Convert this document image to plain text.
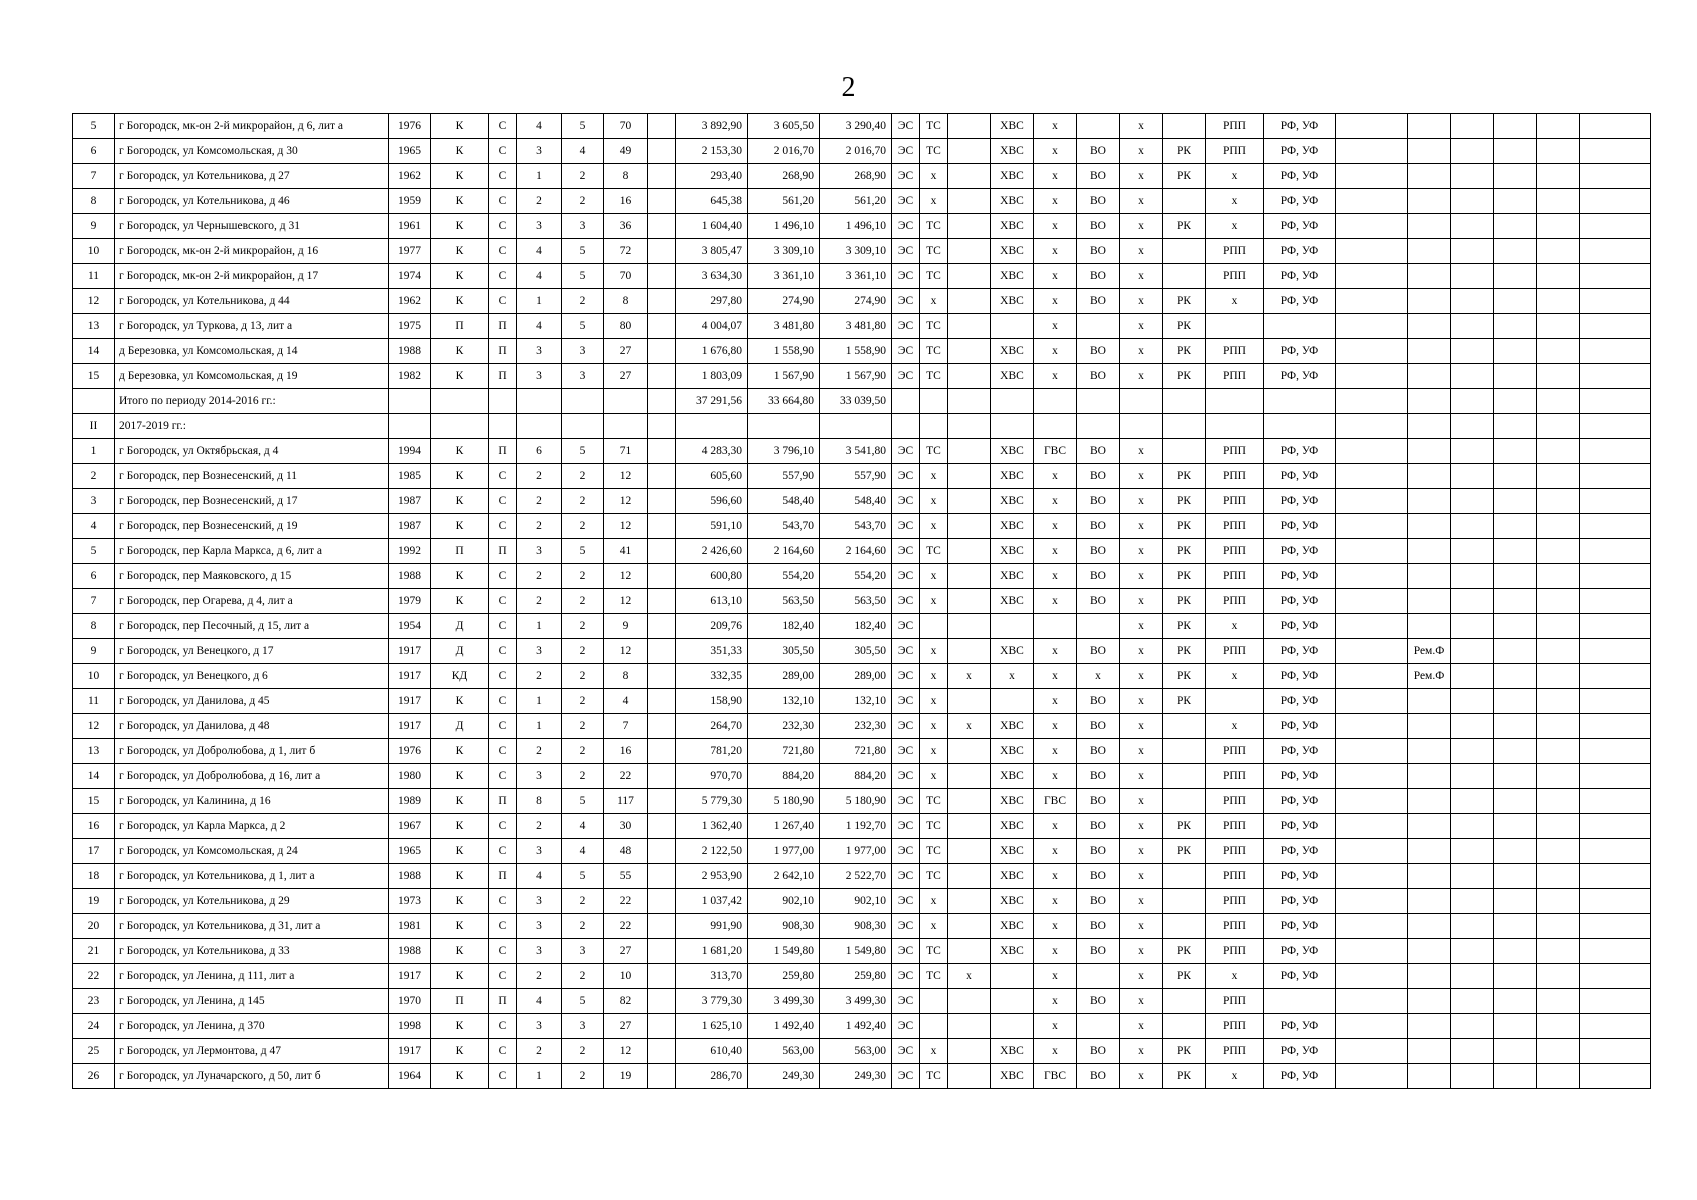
2
5	г Богородск, мк-он 2-й микрорайон, д 6, лит а	1976	К	С	4	5	70		3 892,90	3 605,50	3 290,40	ЭС	ТС		ХВС	х		х		РПП	РФ, УФ						
6	г Богородск, ул Комсомольская, д 30	1965	К	С	3	4	49		2 153,30	2 016,70	2 016,70	ЭС	ТС		ХВС	х	ВО	х	РК	РПП	РФ, УФ						
7	г Богородск, ул Котельникова, д 27	1962	К	С	1	2	8		293,40	268,90	268,90	ЭС	х		ХВС	х	ВО	х	РК	х	РФ, УФ						
8	г Богородск, ул Котельникова, д 46	1959	К	С	2	2	16		645,38	561,20	561,20	ЭС	х		ХВС	х	ВО	х		х	РФ, УФ						
9	г Богородск, ул Чернышевского, д 31	1961	К	С	3	3	36		1 604,40	1 496,10	1 496,10	ЭС	ТС		ХВС	х	ВО	х	РК	х	РФ, УФ						
10	г Богородск, мк-он 2-й микрорайон, д 16	1977	К	С	4	5	72		3 805,47	3 309,10	3 309,10	ЭС	ТС		ХВС	х	ВО	х		РПП	РФ, УФ						
11	г Богородск, мк-он 2-й микрорайон, д 17	1974	К	С	4	5	70		3 634,30	3 361,10	3 361,10	ЭС	ТС		ХВС	х	ВО	х		РПП	РФ, УФ						
12	г Богородск, ул Котельникова, д 44	1962	К	С	1	2	8		297,80	274,90	274,90	ЭС	х		ХВС	х	ВО	х	РК	х	РФ, УФ						
13	г Богородск, ул Туркова, д 13, лит а	1975	П	П	4	5	80		4 004,07	3 481,80	3 481,80	ЭС	ТС			х		х	РК								
14	д Березовка, ул Комсомольская, д 14	1988	К	П	3	3	27		1 676,80	1 558,90	1 558,90	ЭС	ТС		ХВС	х	ВО	х	РК	РПП	РФ, УФ						
15	д Березовка, ул Комсомольская, д 19	1982	К	П	3	3	27		1 803,09	1 567,90	1 567,90	ЭС	ТС		ХВС	х	ВО	х	РК	РПП	РФ, УФ						
	Итого по периоду 2014-2016 гг.:								37 291,56	33 664,80	33 039,50																
II	2017-2019 гг.:																										
1	г Богородск, ул Октябрьская, д 4	1994	К	П	6	5	71		4 283,30	3 796,10	3 541,80	ЭС	ТС		ХВС	ГВС	ВО	х		РПП	РФ, УФ						
2	г Богородск, пер Вознесенский, д 11	1985	К	С	2	2	12		605,60	557,90	557,90	ЭС	х		ХВС	х	ВО	х	РК	РПП	РФ, УФ						
3	г Богородск, пер Вознесенский, д 17	1987	К	С	2	2	12		596,60	548,40	548,40	ЭС	х		ХВС	х	ВО	х	РК	РПП	РФ, УФ						
4	г Богородск, пер Вознесенский, д 19	1987	К	С	2	2	12		591,10	543,70	543,70	ЭС	х		ХВС	х	ВО	х	РК	РПП	РФ, УФ						
5	г Богородск, пер Карла Маркса, д 6, лит а	1992	П	П	3	5	41		2 426,60	2 164,60	2 164,60	ЭС	ТС		ХВС	х	ВО	х	РК	РПП	РФ, УФ						
6	г Богородск, пер Маяковского, д 15	1988	К	С	2	2	12		600,80	554,20	554,20	ЭС	х		ХВС	х	ВО	х	РК	РПП	РФ, УФ						
7	г Богородск, пер Огарева, д 4, лит а	1979	К	С	2	2	12		613,10	563,50	563,50	ЭС	х		ХВС	х	ВО	х	РК	РПП	РФ, УФ						
8	г Богородск, пер Песочный, д 15, лит а	1954	Д	С	1	2	9		209,76	182,40	182,40	ЭС						х	РК	х	РФ, УФ						
9	г Богородск, ул Венецкого, д 17	1917	Д	С	3	2	12		351,33	305,50	305,50	ЭС	х		ХВС	х	ВО	х	РК	РПП	РФ, УФ		Рем.Ф				
10	г Богородск, ул Венецкого, д 6	1917	КД	С	2	2	8		332,35	289,00	289,00	ЭС	х	х	х	х	х	х	РК	х	РФ, УФ		Рем.Ф				
11	г Богородск, ул Данилова, д 45	1917	К	С	1	2	4		158,90	132,10	132,10	ЭС	х			х	ВО	х	РК		РФ, УФ						
12	г Богородск, ул Данилова, д 48	1917	Д	С	1	2	7		264,70	232,30	232,30	ЭС	х	х	ХВС	х	ВО	х		х	РФ, УФ						
13	г Богородск, ул Добролюбова, д 1, лит б	1976	К	С	2	2	16		781,20	721,80	721,80	ЭС	х		ХВС	х	ВО	х		РПП	РФ, УФ						
14	г Богородск, ул Добролюбова, д 16, лит а	1980	К	С	3	2	22		970,70	884,20	884,20	ЭС	х		ХВС	х	ВО	х		РПП	РФ, УФ						
15	г Богородск, ул Калинина, д 16	1989	К	П	8	5	117		5 779,30	5 180,90	5 180,90	ЭС	ТС		ХВС	ГВС	ВО	х		РПП	РФ, УФ						
16	г Богородск, ул Карла Маркса, д 2	1967	К	С	2	4	30		1 362,40	1 267,40	1 192,70	ЭС	ТС		ХВС	х	ВО	х	РК	РПП	РФ, УФ						
17	г Богородск, ул Комсомольская, д 24	1965	К	С	3	4	48		2 122,50	1 977,00	1 977,00	ЭС	ТС		ХВС	х	ВО	х	РК	РПП	РФ, УФ						
18	г Богородск, ул Котельникова, д 1, лит а	1988	К	П	4	5	55		2 953,90	2 642,10	2 522,70	ЭС	ТС		ХВС	х	ВО	х		РПП	РФ, УФ						
19	г Богородск, ул Котельникова, д 29	1973	К	С	3	2	22		1 037,42	902,10	902,10	ЭС	х		ХВС	х	ВО	х		РПП	РФ, УФ						
20	г Богородск, ул Котельникова, д 31, лит а	1981	К	С	3	2	22		991,90	908,30	908,30	ЭС	х		ХВС	х	ВО	х		РПП	РФ, УФ						
21	г Богородск, ул Котельникова, д 33	1988	К	С	3	3	27		1 681,20	1 549,80	1 549,80	ЭС	ТС		ХВС	х	ВО	х	РК	РПП	РФ, УФ						
22	г Богородск, ул Ленина, д 111, лит а	1917	К	С	2	2	10		313,70	259,80	259,80	ЭС	ТС	х		х		х	РК	х	РФ, УФ						
23	г Богородск, ул Ленина, д 145	1970	П	П	4	5	82		3 779,30	3 499,30	3 499,30	ЭС				х	ВО	х		РПП							
24	г Богородск, ул Ленина, д 370	1998	К	С	3	3	27		1 625,10	1 492,40	1 492,40	ЭС				х		х		РПП	РФ, УФ						
25	г Богородск, ул Лермонтова, д 47	1917	К	С	2	2	12		610,40	563,00	563,00	ЭС	х		ХВС	х	ВО	х	РК	РПП	РФ, УФ						
26	г Богородск, ул Луначарского, д 50, лит б	1964	К	С	1	2	19		286,70	249,30	249,30	ЭС	ТС		ХВС	ГВС	ВО	х	РК	х	РФ, УФ						
